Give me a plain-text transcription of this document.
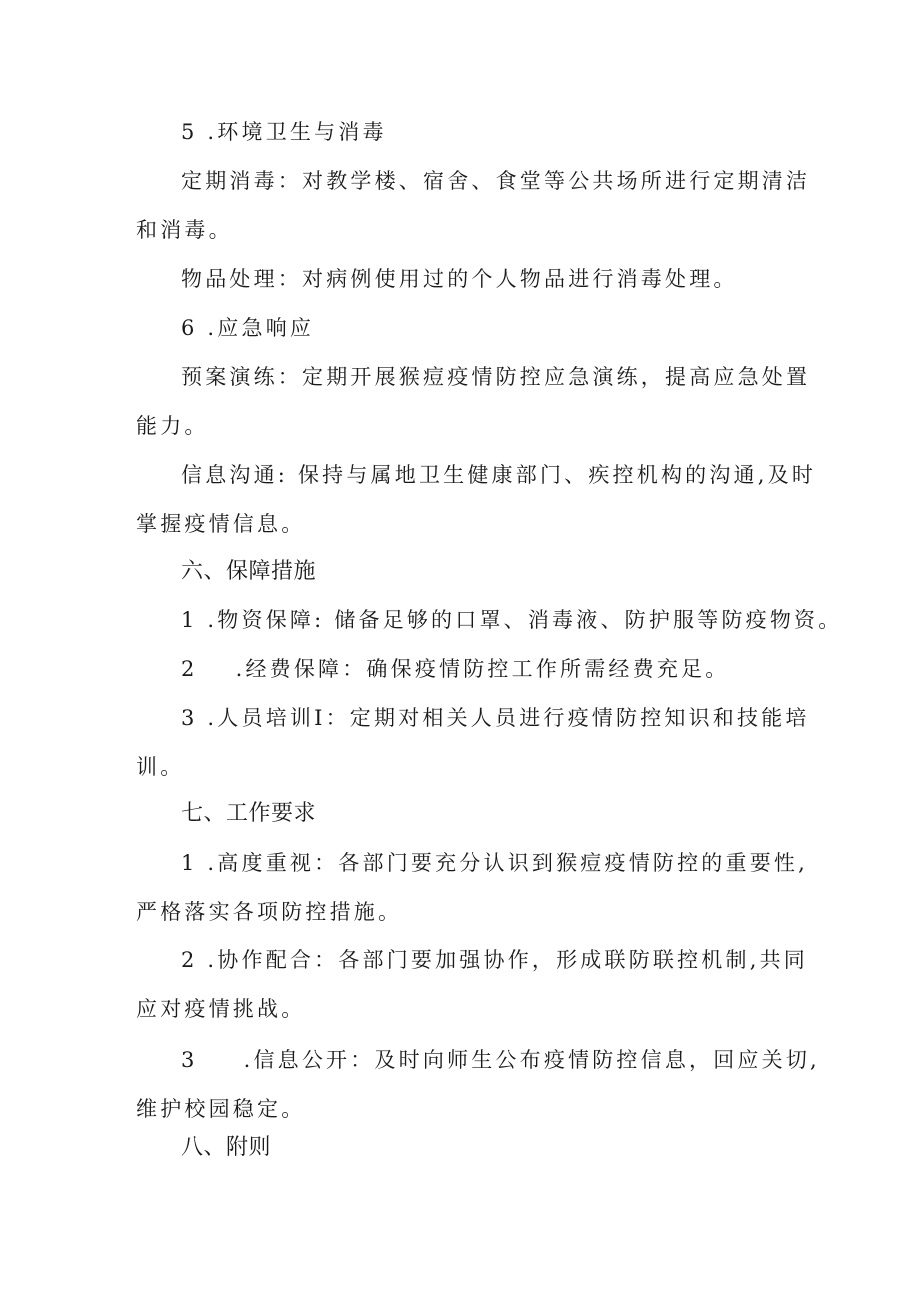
5 .环境卫生与消毒

定期消毒：对教学楼、宿舍、食堂等公共场所进行定期清洁

和消毒。

物品处理：对病例使用过的个人物品进行消毒处理。

6 .应急响应

预案演练：定期开展猴痘疫情防控应急演练，提高应急处置

能力。

信息沟通: 保持与属地卫生健康部门、疾控机构的沟通,及时

掌握疫情信息。

六、保障措施

1 .物资保障: 储备足够的口罩、消毒液、防护服等防疫物资。

2 .经费保障：确保疫情防控工作所需经费充足。

3 .人员培训I：定期对相关人员进行疫情防控知识和技能培

训。

七、工作要求

1 .高度重视：各部门要充分认识到猴痘疫情防控的重要性,

严格落实各项防控措施。

2 .协作配合：各部门要加强协作，形成联防联控机制,共同

应对疫情挑战。

3 .信息公开：及时向师生公布疫情防控信息，回应关切,

维护校园稳定。

八、附则
